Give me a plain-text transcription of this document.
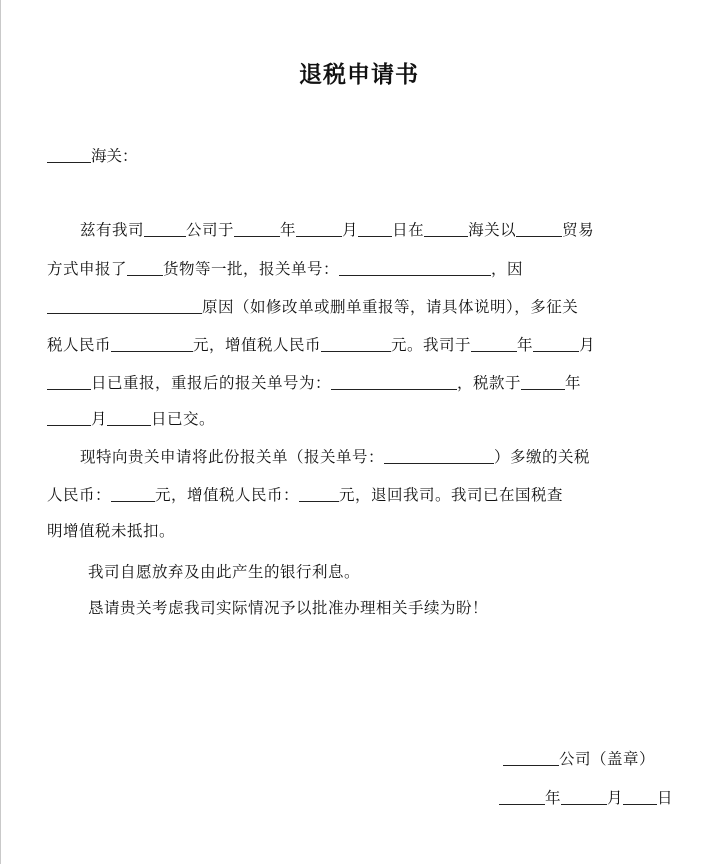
退税申请书
海关：
兹有我司	公司于	年	月 日在	海关以	贸易
方式申报了 货物等一批，报关单号：	，因
原因（如修改单或删单重报等，请具体说明），多征关
税人民币	元，增值税人民币	元。我司于	年	月
日已重报，重报后的报关单号为：	，税款于	年
月	日已交。
现特向贵关申请将此份报关单（报关单号：	）多缴的关税
人民币：	元，增值税人民币：	元，退回我司。我司已在国税查
明增值税未抵扣。
我司自愿放弃及由此产生的银行利息。
恳请贵关考虑我司实际情况予以批准办理相关手续为盼！
公司（盖章）
年	月 日
